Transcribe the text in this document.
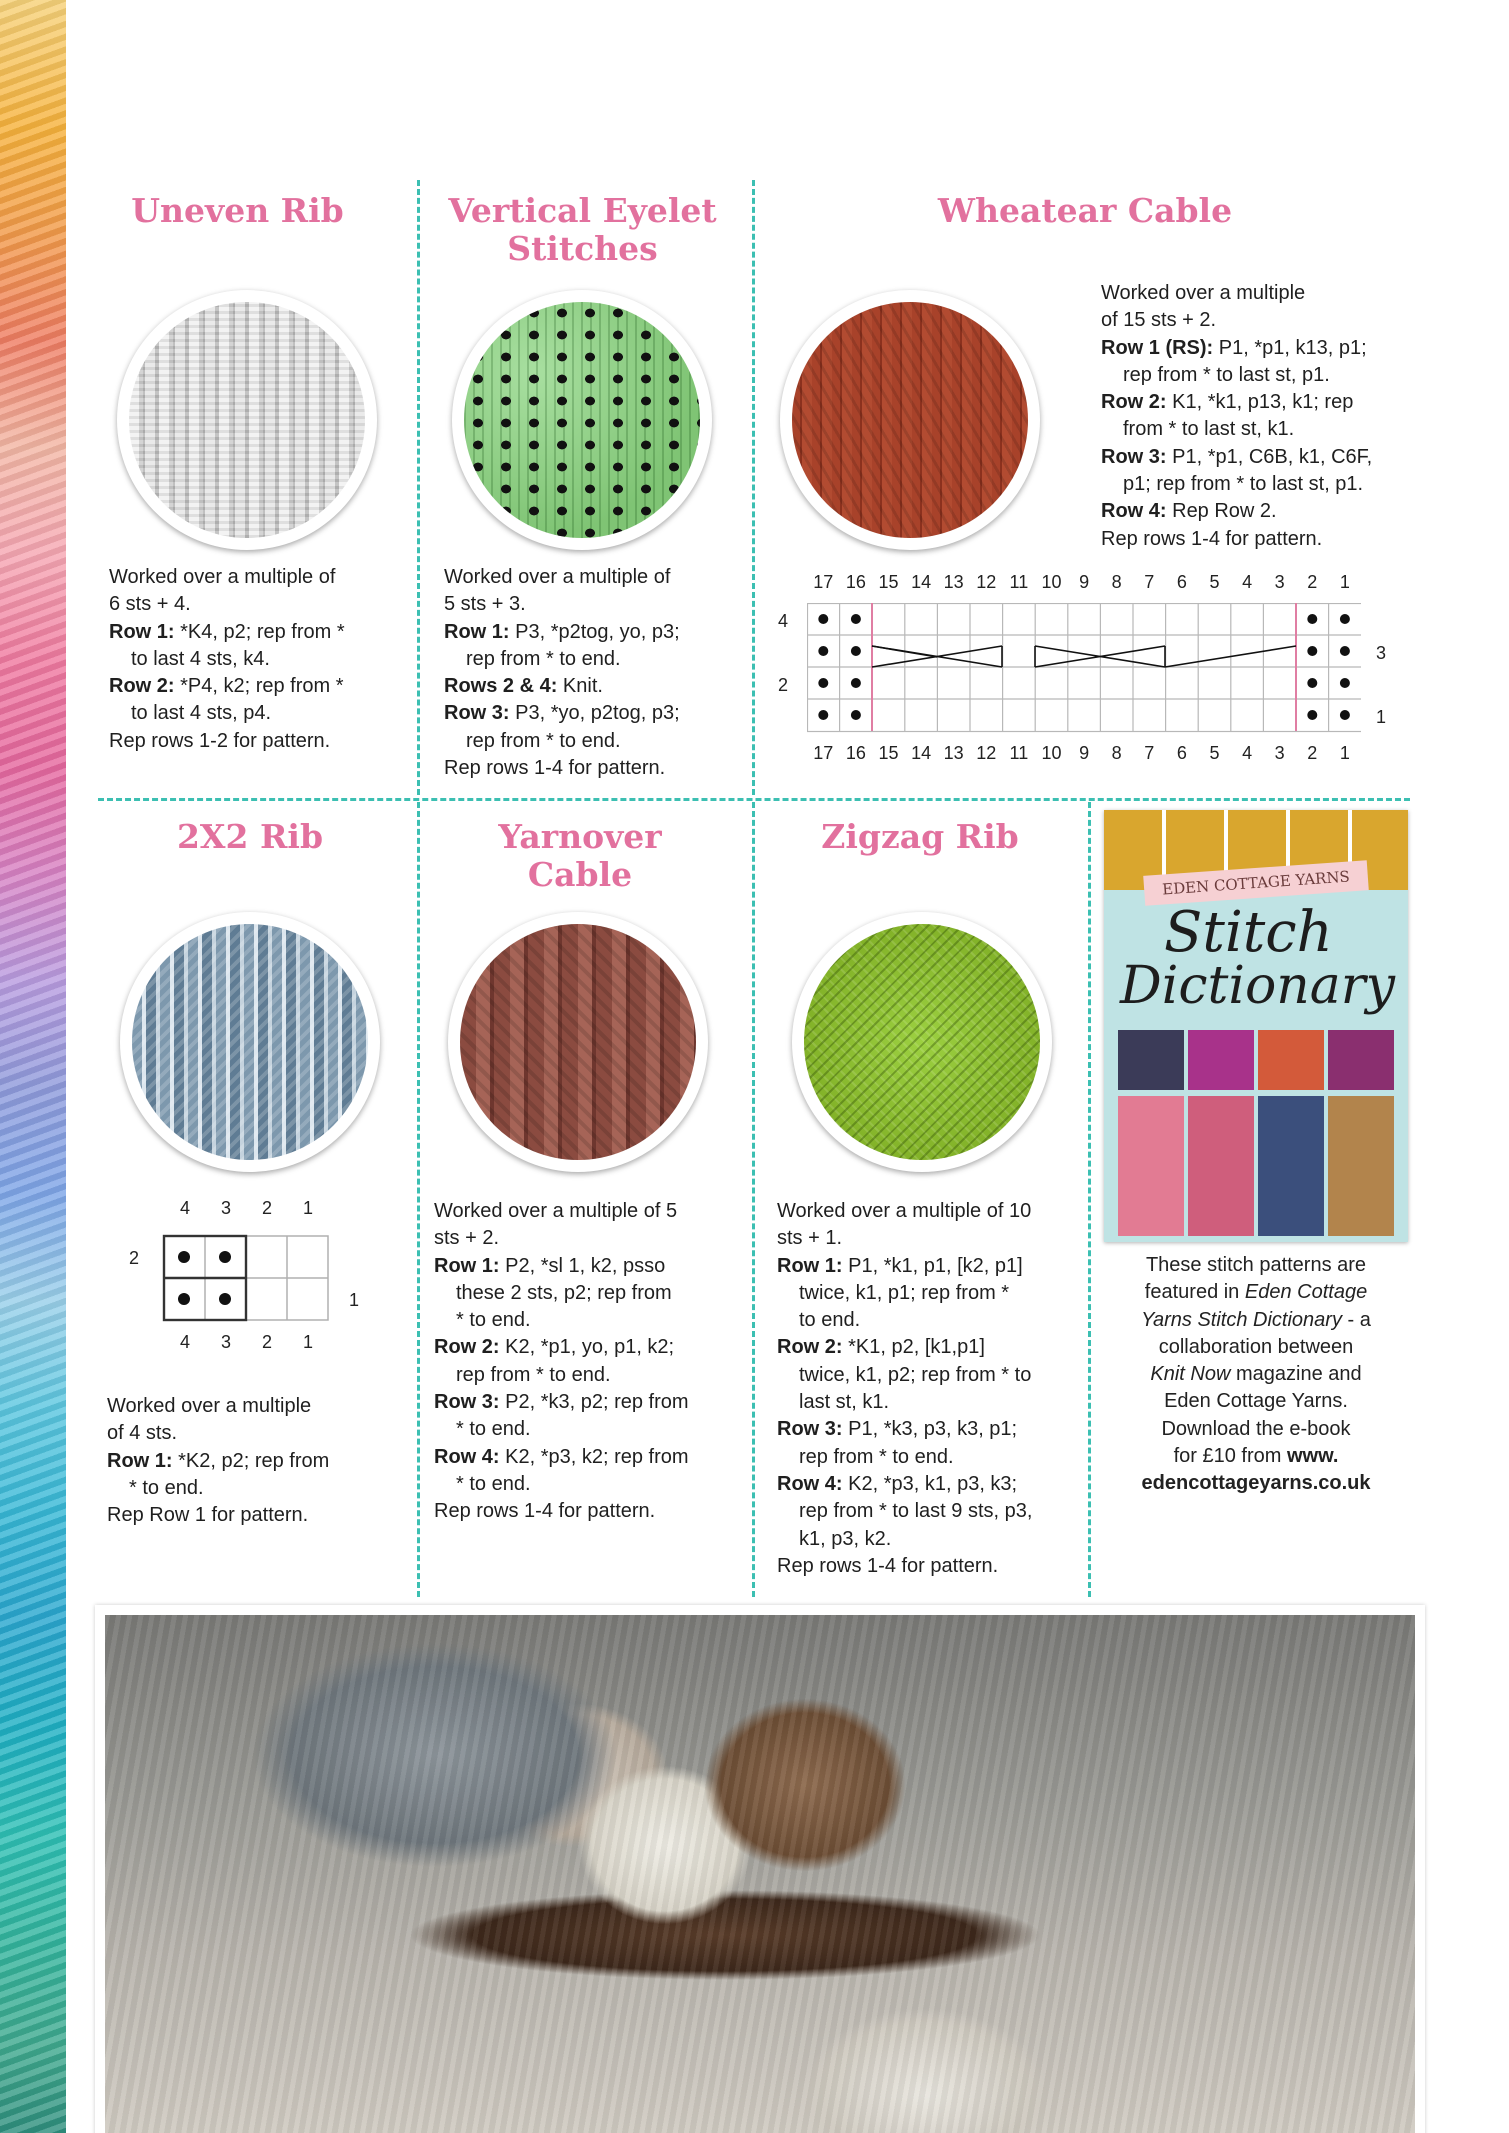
Uneven Rib

Worked over a multiple of

6 sts + 4.

Row 1: *K4, p2; rep from *

to last 4 sts, k4.

Row 2: *P4, k2; rep from *

to last 4 sts, p4.

Rep rows 1-2 for pattern.

Vertical Eyelet
Stitches

Worked over a multiple of

5 sts + 3.

Row 1: P3, *p2tog, yo, p3;

rep from * to end.

Rows 2 & 4: Knit.

Row 3: P3, *yo, p2tog, p3;

rep from * to end.

Rep rows 1-4 for pattern.

Wheatear Cable

Worked over a multiple

of 15 sts + 2.

Row 1 (RS): P1, *p1, k13, p1;

rep from * to last st, p1.

Row 2: K1, *k1, p13, k1; rep

from * to last st, k1.

Row 3: P1, *p1, C6B, k1, C6F,

p1; rep from * to last st, p1.

Row 4: Rep Row 2.

Rep rows 1-4 for pattern.

17 16 15 14 13 12 11 10 9	8	7	6	5	4	3	2	1
17 16 15 14 13 12 11 10 9	8	7	6	5	4	3	2	1
4
2
3
1
2X2 Rib
4	3	2	1
4	3	2	1
2
1

Worked over a multiple

of 4 sts.

Row 1: *K2, p2; rep from

* to end.

Rep Row 1 for pattern.

Yarnover
Cable

Worked over a multiple of 5

sts + 2.

Row 1: P2, *sl 1, k2, psso

these 2 sts, p2; rep from

* to end.

Row 2: K2, *p1, yo, p1, k2;

rep from * to end.

Row 3: P2, *k3, p2; rep from

* to end.

Row 4: K2, *p3, k2; rep from

* to end.

Rep rows 1-4 for pattern.

Zigzag Rib

Worked over a multiple of 10

sts + 1.

Row 1: P1, *k1, p1, [k2, p1]

twice, k1, p1; rep from *

to end.

Row 2: *K1, p2, [k1,p1]

twice, k1, p2; rep from * to

last st, k1.

Row 3: P1, *k3, p3, k3, p1;

rep from * to end.

Row 4: K2, *p3, k1, p3, k3;

rep from * to last 9 sts, p3,

k1, p3, k2.

Rep rows 1-4 for pattern.

EDEN COTTAGE YARNS
Stitch
Dictionary
These stitch patterns are
featured in Eden Cottage
Yarns Stitch Dictionary - a
collaboration between
Knit Now magazine and
Eden Cottage Yarns.
Download the e-book
for £10 from www.
edencottageyarns.co.uk
